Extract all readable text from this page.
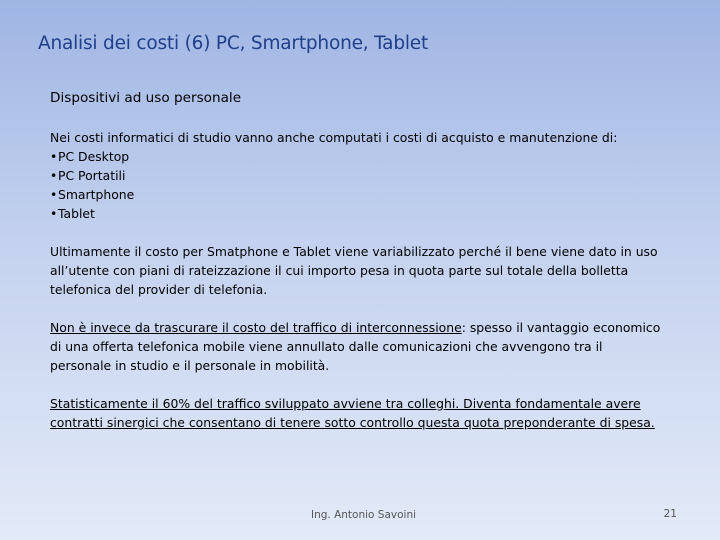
Analisi dei costi (6) PC, Smartphone, Tablet

Dispositivi ad uso personale

Nei costi informatici di studio vanno anche computati i costi di acquisto e manutenzione di:

•PC Desktop
•PC Portatili
•Smartphone
•Tablet

Ultimamente il costo per Smatphone e Tablet viene variabilizzato perché il bene viene dato in uso all’utente con piani di rateizzazione il cui importo pesa in quota parte sul totale della bolletta telefonica del provider di telefonia.

Non è invece da trascurare il costo del traffico di interconnessione: spesso il vantaggio economico di una offerta telefonica mobile viene annullato dalle comunicazioni che avvengono tra il personale in studio e il personale in mobilità.

Statisticamente il 60% del traffico sviluppato avviene tra colleghi. Diventa fondamentale avere contratti sinergici che consentano di tenere sotto controllo questa quota preponderante di spesa.

Ing. Antonio Savoini	21
